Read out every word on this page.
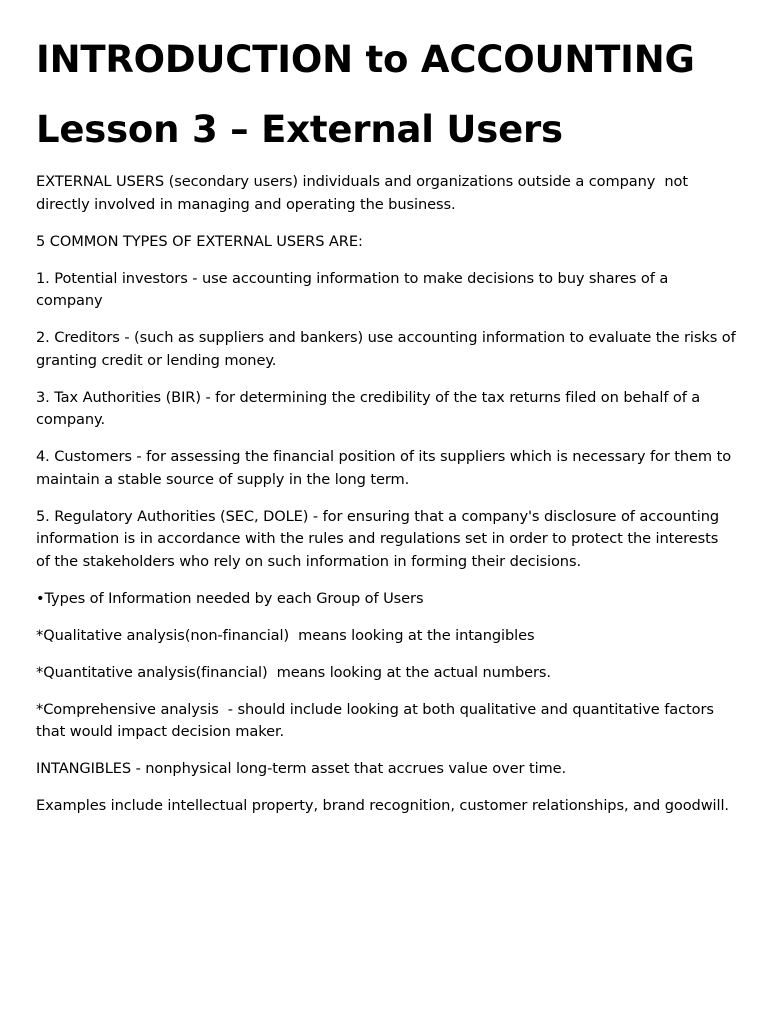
INTRODUCTION to ACCOUNTING
Lesson 3 – External Users

EXTERNAL USERS (secondary users) individuals and organizations outside a company  not directly involved in managing and operating the business.

5 COMMON TYPES OF EXTERNAL USERS ARE:

1. Potential investors - use accounting information to make decisions to buy shares of a company

2. Creditors - (such as suppliers and bankers) use accounting information to evaluate the risks of granting credit or lending money.

3. Tax Authorities (BIR) - for determining the credibility of the tax returns filed on behalf of a company.

4. Customers - for assessing the financial position of its suppliers which is necessary for them to maintain a stable source of supply in the long term.

5. Regulatory Authorities (SEC, DOLE) - for ensuring that a company's disclosure of accounting information is in accordance with the rules and regulations set in order to protect the interests of the stakeholders who rely on such information in forming their decisions.

•Types of Information needed by each Group of Users

*Qualitative analysis(non-financial)  means looking at the intangibles

*Quantitative analysis(financial)  means looking at the actual numbers.

*Comprehensive analysis  - should include looking at both qualitative and quantitative factors that would impact decision maker.

INTANGIBLES - nonphysical long-term asset that accrues value over time.

Examples include intellectual property, brand recognition, customer relationships, and goodwill.
